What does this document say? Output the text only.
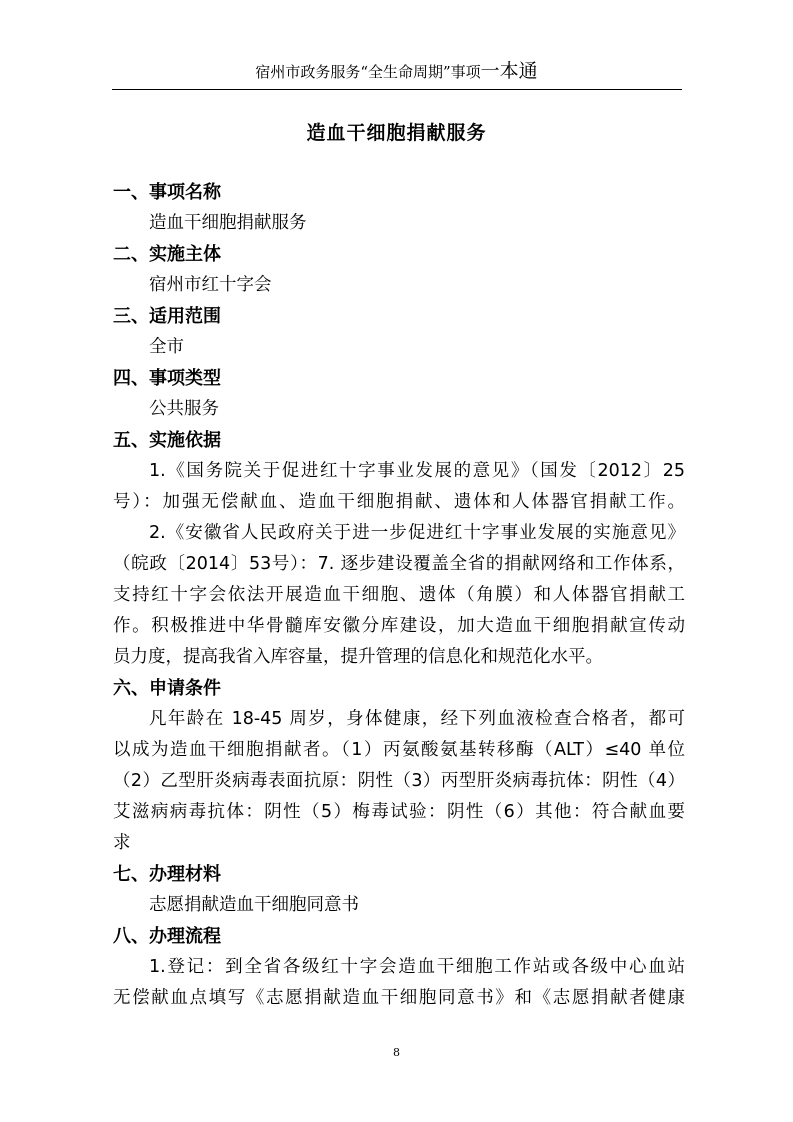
宿州市政务服务“全生命周期”事项一本通
造血干细胞捐献服务
一、事项名称
造血干细胞捐献服务
二、实施主体
宿州市红十字会
三、适用范围
全市
四、事项类型
公共服务
五、实施依据
1.《国务院关于促进红十字事业发展的意见》（国发〔2012〕25
号）：加强无偿献血、造血干细胞捐献、遗体和人体器官捐献工作。
2.《安徽省人民政府关于进一步促进红十字事业发展的实施意见》
（皖政〔2014〕53号）：7. 逐步建设覆盖全省的捐献网络和工作体系，
支持红十字会依法开展造血干细胞、遗体（角膜）和人体器官捐献工
作。积极推进中华骨髓库安徽分库建设，加大造血干细胞捐献宣传动
员力度，提高我省入库容量，提升管理的信息化和规范化水平。
六、申请条件
凡年龄在 18-45 周岁，身体健康，经下列血液检查合格者，都可
以成为造血干细胞捐献者。（1）丙氨酸氨基转移酶（ALT）≤40 单位
（2）乙型肝炎病毒表面抗原：阴性（3）丙型肝炎病毒抗体：阴性（4）
艾滋病病毒抗体：阴性（5）梅毒试验：阴性（6）其他：符合献血要
求
七、办理材料
志愿捐献造血干细胞同意书
八、办理流程
1.登记：到全省各级红十字会造血干细胞工作站或各级中心血站
无偿献血点填写《志愿捐献造血干细胞同意书》和《志愿捐献者健康
8
